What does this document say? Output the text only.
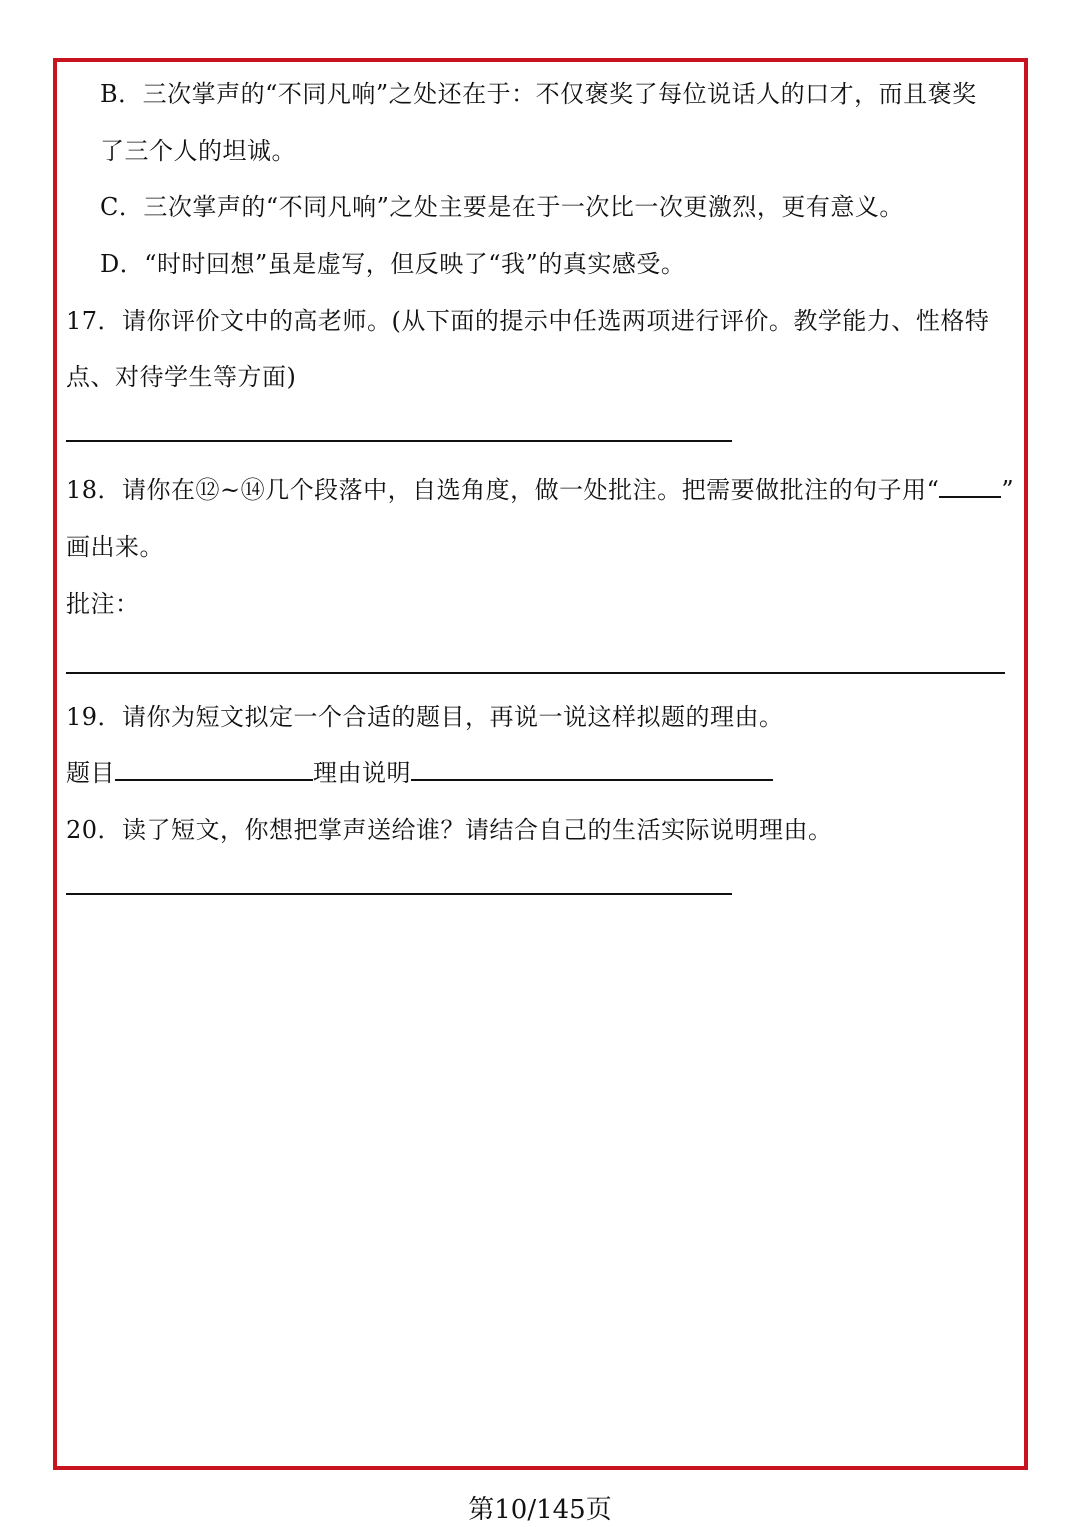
B．三次掌声的“不同凡响”之处还在于：不仅褒奖了每位说话人的口才，而且褒奖
了三个人的坦诚。
C．三次掌声的“不同凡响”之处主要是在于一次比一次更激烈，更有意义。
D．“时时回想”虽是虚写，但反映了“我”的真实感受。
17．请你评价文中的高老师。(从下面的提示中任选两项进行评价。教学能力、性格特
点、对待学生等方面)
18．请你在⑫~⑭几个段落中，自选角度，做一处批注。把需要做批注的句子用“	”
画出来。
批注：
19．请你为短文拟定一个合适的题目，再说一说这样拟题的理由。
题目	理由说明
20．读了短文，你想把掌声送给谁？请结合自己的生活实际说明理由。
第10/145页
